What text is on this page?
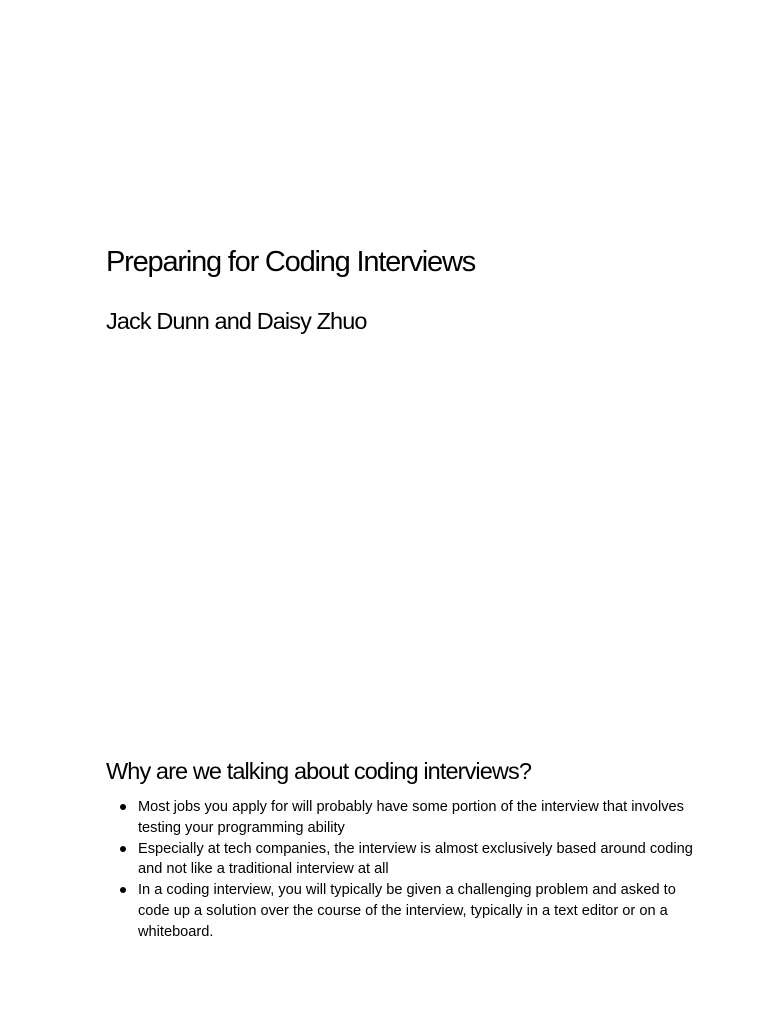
Preparing for Coding Interviews
Jack Dunn and Daisy Zhuo
Why are we talking about coding interviews?
Most jobs you apply for will probably have some portion of the interview that involves testing your programming ability
Especially at tech companies, the interview is almost exclusively based around coding and not like a traditional interview at all
In a coding interview, you will typically be given a challenging problem and asked to code up a solution over the course of the interview, typically in a text editor or on a whiteboard.
